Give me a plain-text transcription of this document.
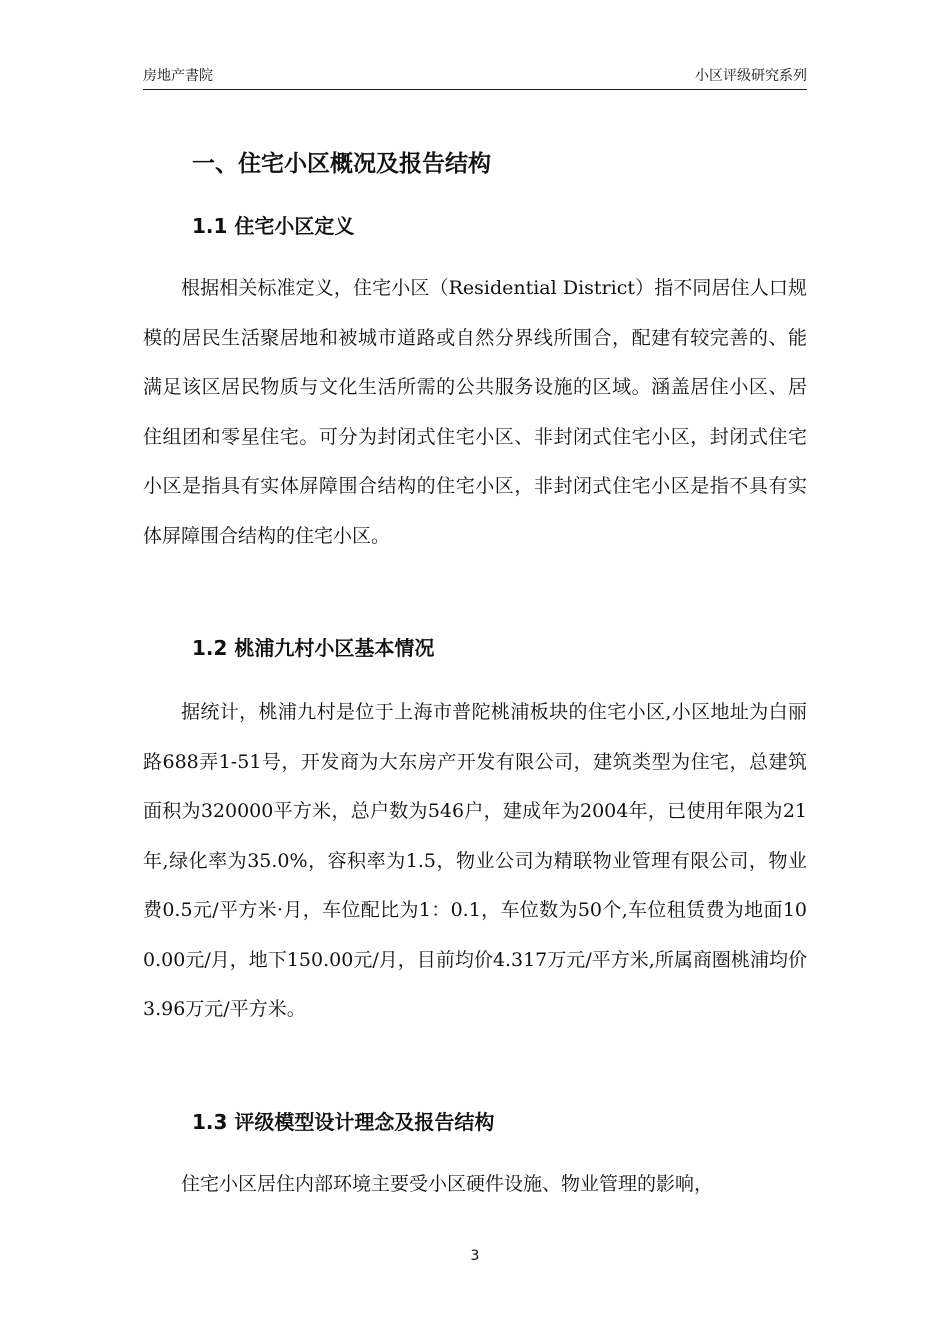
房地产書院	小区评级研究系列
一、住宅小区概况及报告结构
1.1 住宅小区定义

根据相关标准定义，住宅小区（Residential District）指不同居住人口规模的居民生活聚居地和被城市道路或自然分界线所围合，配建有较完善的、能满足该区居民物质与文化生活所需的公共服务设施的区域。涵盖居住小区、居住组团和零星住宅。可分为封闭式住宅小区、非封闭式住宅小区，封闭式住宅小区是指具有实体屏障围合结构的住宅小区，非封闭式住宅小区是指不具有实体屏障围合结构的住宅小区。

1.2 桃浦九村小区基本情况

据统计，桃浦九村是位于上海市普陀桃浦板块的住宅小区,小区地址为白丽路688弄1-51号，开发商为大东房产开发有限公司，建筑类型为住宅，总建筑面积为320000平方米，总户数为546户，建成年为2004年，已使用年限为21年,绿化率为35.0%，容积率为1.5，物业公司为精联物业管理有限公司，物业费0.5元/平方米·月，车位配比为1：0.1，车位数为50个,车位租赁费为地面100.00元/月，地下150.00元/月，目前均价4.317万元/平方米,所属商圈桃浦均价3.96万元/平方米。

1.3 评级模型设计理念及报告结构

住宅小区居住内部环境主要受小区硬件设施、物业管理的影响，

3
